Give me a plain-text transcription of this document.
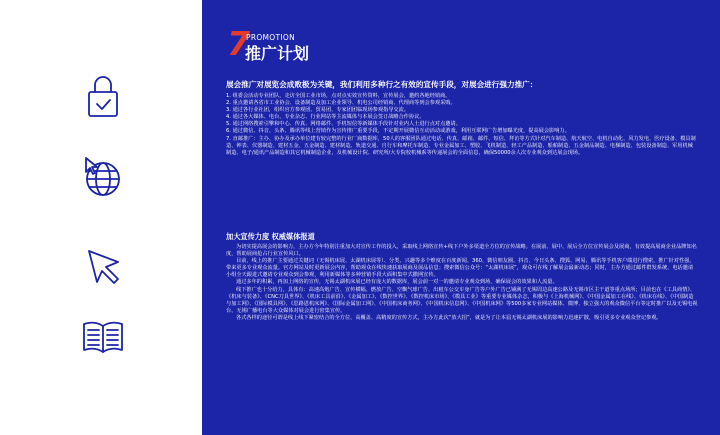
7
PROMOTION
推广计划
展会推广对展览会成败极为关键，我们利用多种行之有效的宣传手段，对展会进行强力推广：
1. 组委会活动专业团队，走访全国工业市场，点对点实效宣传资料，宣传展会，邀约各地经销商。
2. 重点邀请各省市工业协会、设备制造及加工企业领导、机电公司经销商、代理商等到会参观采购。
3. 通过各行业社团，组织官方参观团、贸易团、专家团团临现场参观指导交流。
4. 通过各大媒体、电台、专业杂志、行业网站等主流媒体与本展会签订战略合作协议。
5. 通过网络搜索引擎和中心、传真、网络邮件、手机短信等新媒体手段针对业内人士进行点对点邀请。
6. 通过微信、抖音、头条、腾讯等线上营销作为宣传推广重要手段，不定期开展微信互动活动或游戏，利用互联网广告增加曝光度，提高展会影响力。
7. 直邮推广：主办、协办及承办单位建有较完整的行业厂商数据库，50人的客服团队通过电话、传真、邮箱、邮件、短信、拜访等方式针对汽车制造、航天航空、电机自动化、风力发电、医疗设备、模具制造、钟表、仪器制造、建材五金、五金制造、建材制造、轨道交通、自行车和摩托车制造、专业金属加工、塑胶、飞机制造、轻工产品制造、船舶制造、五金制品制造、电梯制造、包装设备制造、军用机械制造、电子/通讯产品制造和其它机械制造企业，及机械设计院、研究所/大专院校机械系等传递展会的全面信息，确保50000余人次专业观众到达展会现场。
加大宣传力度 权威媒体报道

为切实提高展会的影响力，主办方今年特别注重加大对宣传工作的投入，采取线上网络宣传+线下户外多渠道全方位的宣传战略。在展前、展中、展后全方位宣传展会及展商，有效提高展商企业品牌知名度，帮助展商抢占行业宣传风口。

目前，线上的推广主要通过关键词（无锡机床展、太湖机床展等）、分类、兴趣等多个维度在百度新闻、360、微信朋友圈、抖音、今日头条、搜狐、网易、腾讯等手机客户端进行搜索，推广针对性强，带来更多专业观众流量。官方网站及时更新展会内容，帮助观众在线快速获取展商及展品信息；搜索微信公众号：“太湖机床展”，观众可在线了解展会最新动态；同时，主办方通过邮件群发系统、电话邀请小组全天跟进式邀请专业观众到会参观，利用新媒体等多种营销手段大面积集中式撒网宣传。

通过多年的积累，再加上网络的宣传，无锡太湖机床展已经有庞大的数据库，展会前一对一的邀请专业观众到场，确保展会的效果和人流量。

线下推广也十分给力，具体有：高速高炮广告、宣传横幅、燃放广告、空飘气球广告、出租车公交车身广告等户外广告已铺满了无锡周边高速公路及无锡市区主干道等重点场所；目前也在《工具商情》、《机床与装备》、《CNC刀具世界》、《机床工具前沿》、《金属加工》、《数控世界》、《数控机床市场》、《模具工业》等重要专业媒体杂志，积极与《上海机械网》、《中国金属加工在线》、《机床在线》、《中国制造与加工网》、《国际模具网》、《思路恩机床网》、《国际金属加工网》、《中国机床商务网》、《中国机床信息网》、《中国机床网》等500多家专业网站媒体、微博、独立强大的观众微信平台等定时推广以及无锡电视台、无锡广播电台等大众媒体对展会进行密集宣传。

各式各样的途径可谓是线上线下紧密结合的全方位、高覆盖、高精度的宣传方式，主办方此次“放大招”，就是为了让本届无锡太湖机床展的影响力迅速扩散，吸引更多专业观众登记参观。
